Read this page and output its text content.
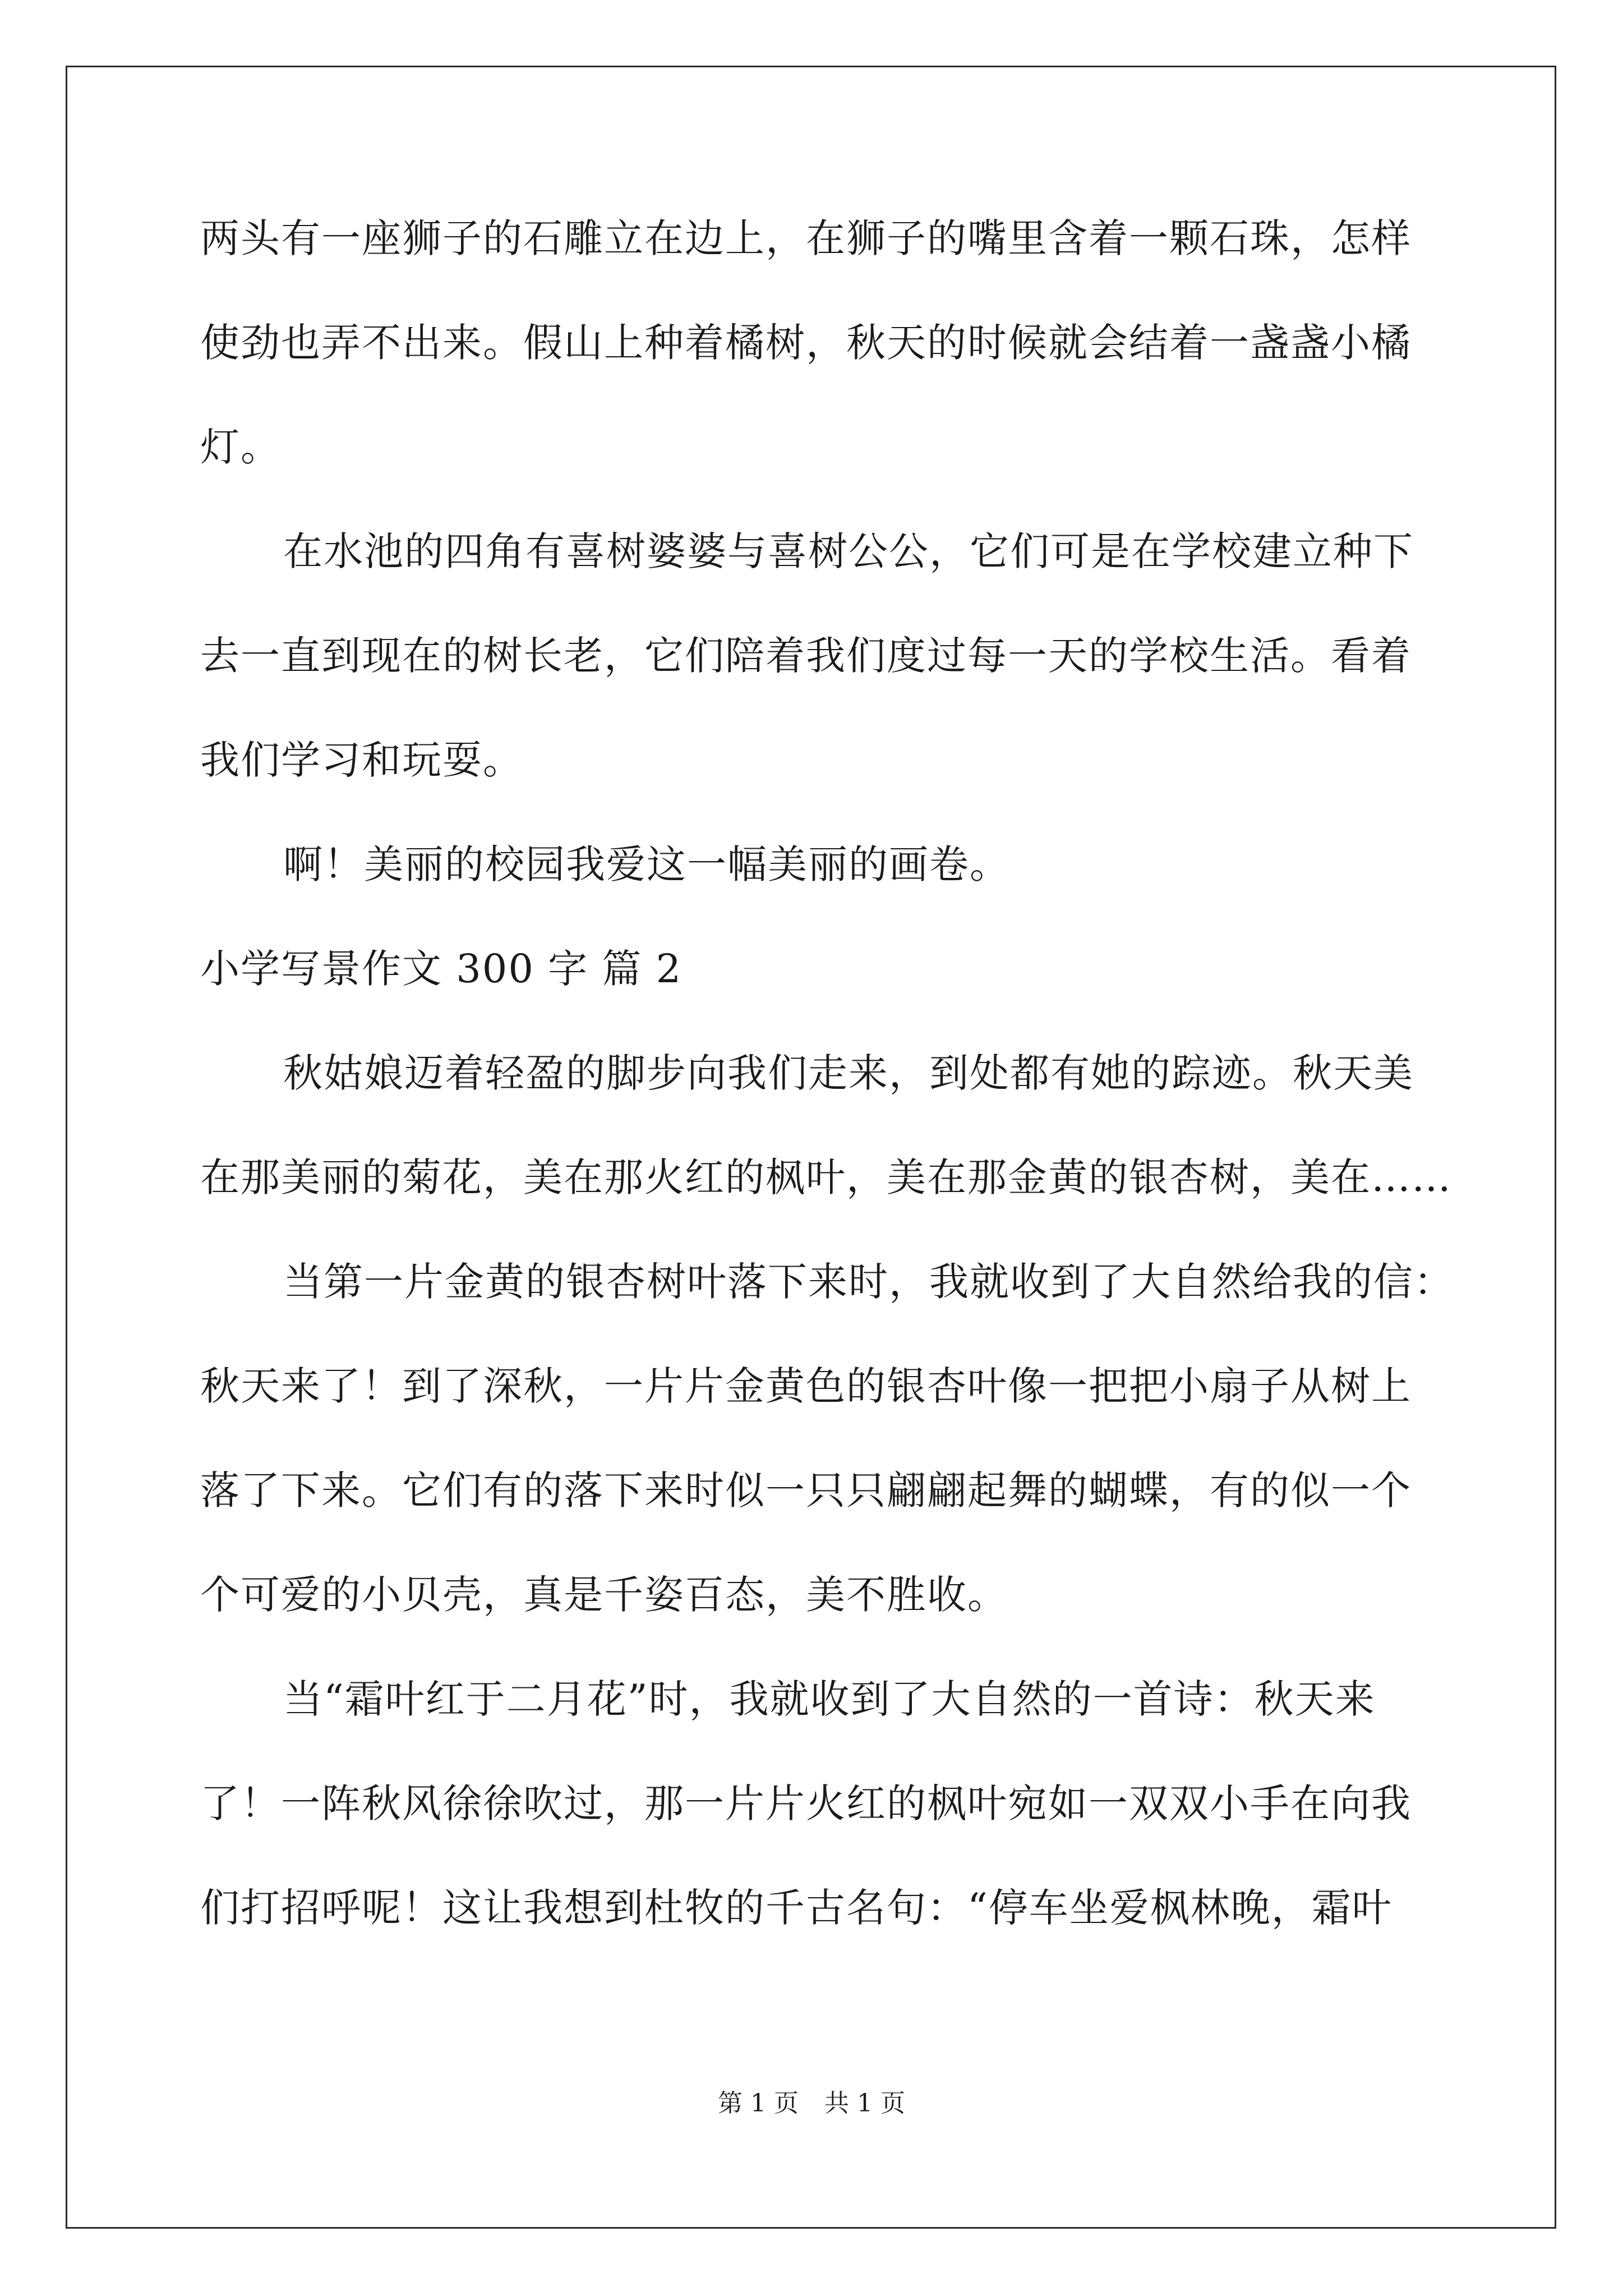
两头有一座狮子的石雕立在边上，在狮子的嘴里含着一颗石珠，怎样
使劲也弄不出来。假山上种着橘树，秋天的时候就会结着一盏盏小橘
灯。
在水池的四角有喜树婆婆与喜树公公，它们可是在学校建立种下
去一直到现在的树长老，它们陪着我们度过每一天的学校生活。看着
我们学习和玩耍。
啊！美丽的校园我爱这一幅美丽的画卷。
小学写景作文 300 字 篇 2
秋姑娘迈着轻盈的脚步向我们走来，到处都有她的踪迹。秋天美
在那美丽的菊花，美在那火红的枫叶，美在那金黄的银杏树，美在……
当第一片金黄的银杏树叶落下来时，我就收到了大自然给我的信：
秋天来了！到了深秋，一片片金黄色的银杏叶像一把把小扇子从树上
落了下来。它们有的落下来时似一只只翩翩起舞的蝴蝶，有的似一个
个可爱的小贝壳，真是千姿百态，美不胜收。
当“霜叶红于二月花”时，我就收到了大自然的一首诗：秋天来
了！一阵秋风徐徐吹过，那一片片火红的枫叶宛如一双双小手在向我
们打招呼呢！这让我想到杜牧的千古名句：“停车坐爱枫林晚，霜叶
第 1 页 共 1 页
